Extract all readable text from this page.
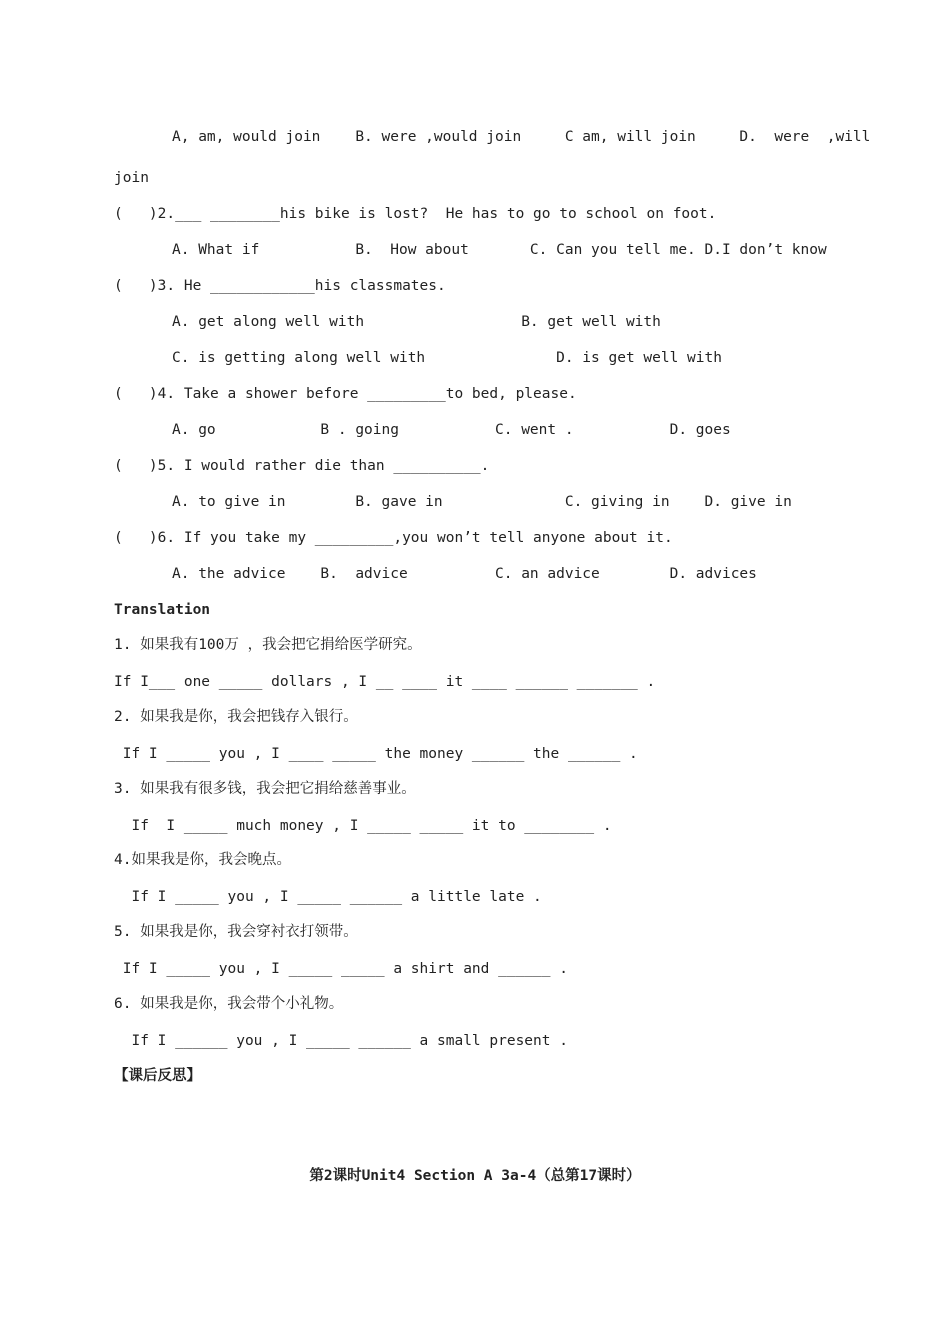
A, am, would join    B. were ,would join     C am, will join     D.  were  ,will
join
(   )2.___ ________his bike is lost?  He has to go to school on foot.
A. What if           B.  How about       C. Can you tell me. D.I don’t know
(   )3. He ____________his classmates.
A. get along well with                  B. get well with
C. is getting along well with               D. is get well with
(   )4. Take a shower before _________to bed, please.
A. go            B . going           C. went .           D. goes
(   )5. I would rather die than __________.
A. to give in        B. gave in              C. giving in    D. give in
(   )6. If you take my _________,you won’t tell anyone about it.
A. the advice    B.  advice          C. an advice        D. advices
Translation
1. 如果我有100万 ，我会把它捐给医学研究。
If I___ one _____ dollars , I __ ____ it ____ ______ _______ .
2. 如果我是你，我会把钱存入银行。
If I _____ you , I ____ _____ the money ______ the ______ .
3. 如果我有很多钱，我会把它捐给慈善事业。
If  I _____ much money , I _____ _____ it to ________ .
4.如果我是你，我会晚点。
If I _____ you , I _____ ______ a little late .
5. 如果我是你，我会穿衬衣打领带。
If I _____ you , I _____ _____ a shirt and ______ .
6. 如果我是你，我会带个小礼物。
If I ______ you , I _____ ______ a small present .
【课后反思】
第2课时Unit4 Section A 3a-4（总第17课时）
